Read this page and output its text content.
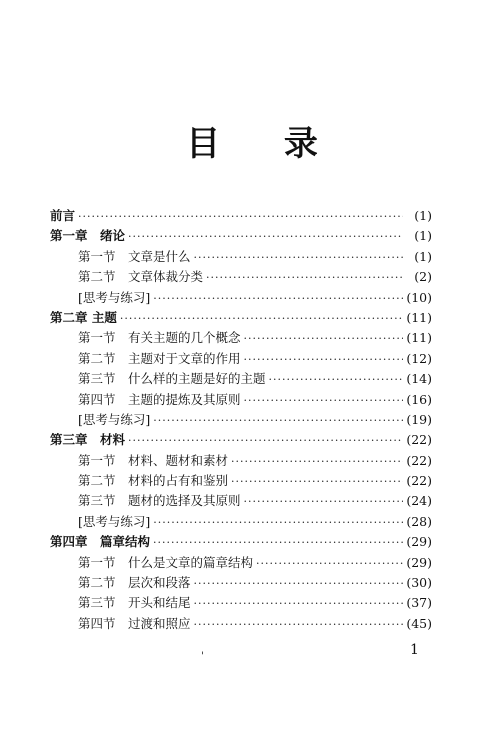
目 录
前言 ·····	(1)
第一章　绪论 ·····	(1)
第一节　文章是什么 ·····	(1)
第二节　文章体裁分类 ·····	(2)
[思考与练习] ·····	(10)
第二章 主题 ·····	(11)
第一节　有关主题的几个概念 ·····	(11)
第二节　主题对于文章的作用 ·····	(12)
第三节　什么样的主题是好的主题 ·····	(14)
第四节　主题的提炼及其原则 ·····	(16)
[思考与练习] ·····	(19)
第三章　材料 ·····	(22)
第一节　材料、题材和素材 ·····	(22)
第二节　材料的占有和鉴别 ·····	(22)
第三节　题材的选择及其原则 ·····	(24)
[思考与练习] ·····	(28)
第四章　篇章结构 ·····	(29)
第一节　什么是文章的篇章结构 ·····	(29)
第二节　层次和段落 ·····	(30)
第三节　开头和结尾 ·····	(37)
第四节　过渡和照应 ·····	(45)
'	1
